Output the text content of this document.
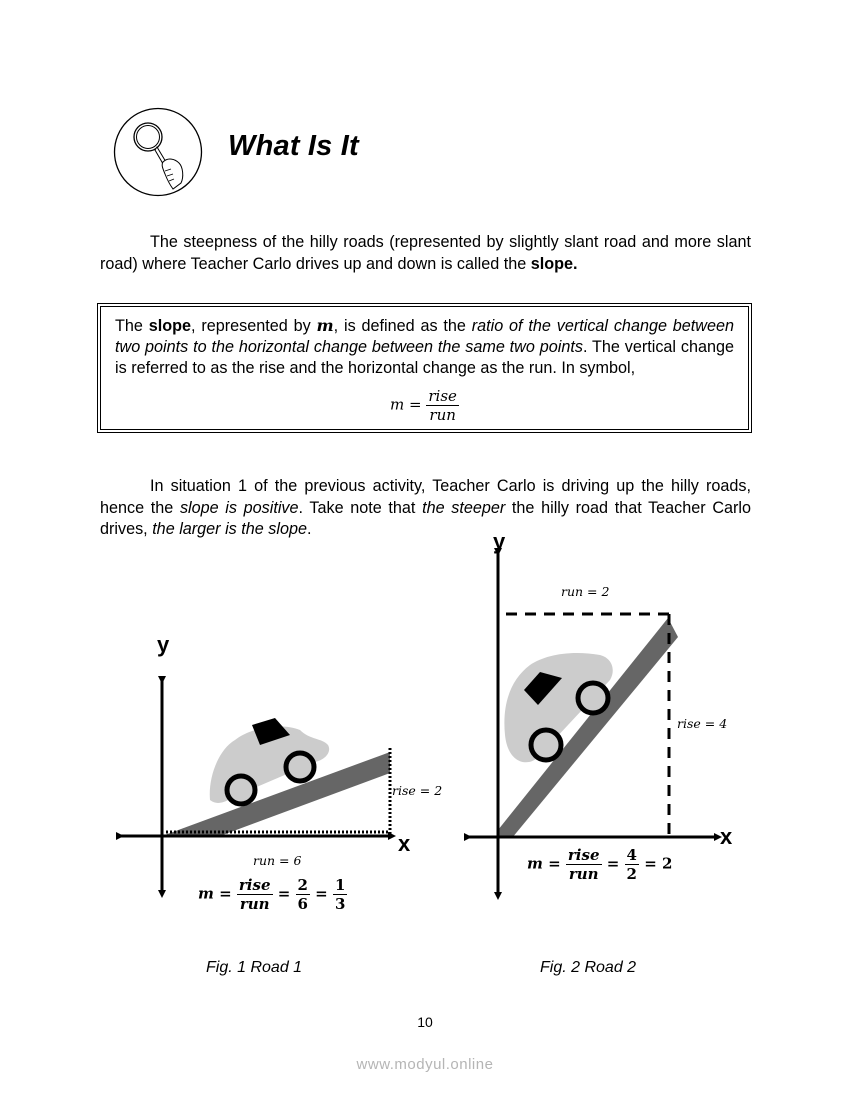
What Is It
The steepness of the hilly roads (represented by slightly slant road and more slant road) where Teacher Carlo drives up and down is called the slope.
The slope, represented by m, is defined as the ratio of the vertical change between two points to the horizontal change between the same two points. The vertical change is referred to as the rise and the horizontal change as the run. In symbol,
$m = \frac{\text{rise}}{\text{run}}$
In situation 1 of the previous activity, Teacher Carlo is driving up the hilly roads, hence the slope is positive. Take note that the steeper the hilly road that Teacher Carlo drives, the larger is the slope.
y
x
rise = 2
run = 6
$m = \frac{\text{rise}}{\text{run}} = \frac{2}{6} = \frac{1}{3}$
Fig. 1 Road 1
y
x
rise = 4
run = 2
$m = \frac{\text{rise}}{\text{run}} = \frac{4}{2} = 2$
Fig. 2 Road 2
10
www.modyul.online
